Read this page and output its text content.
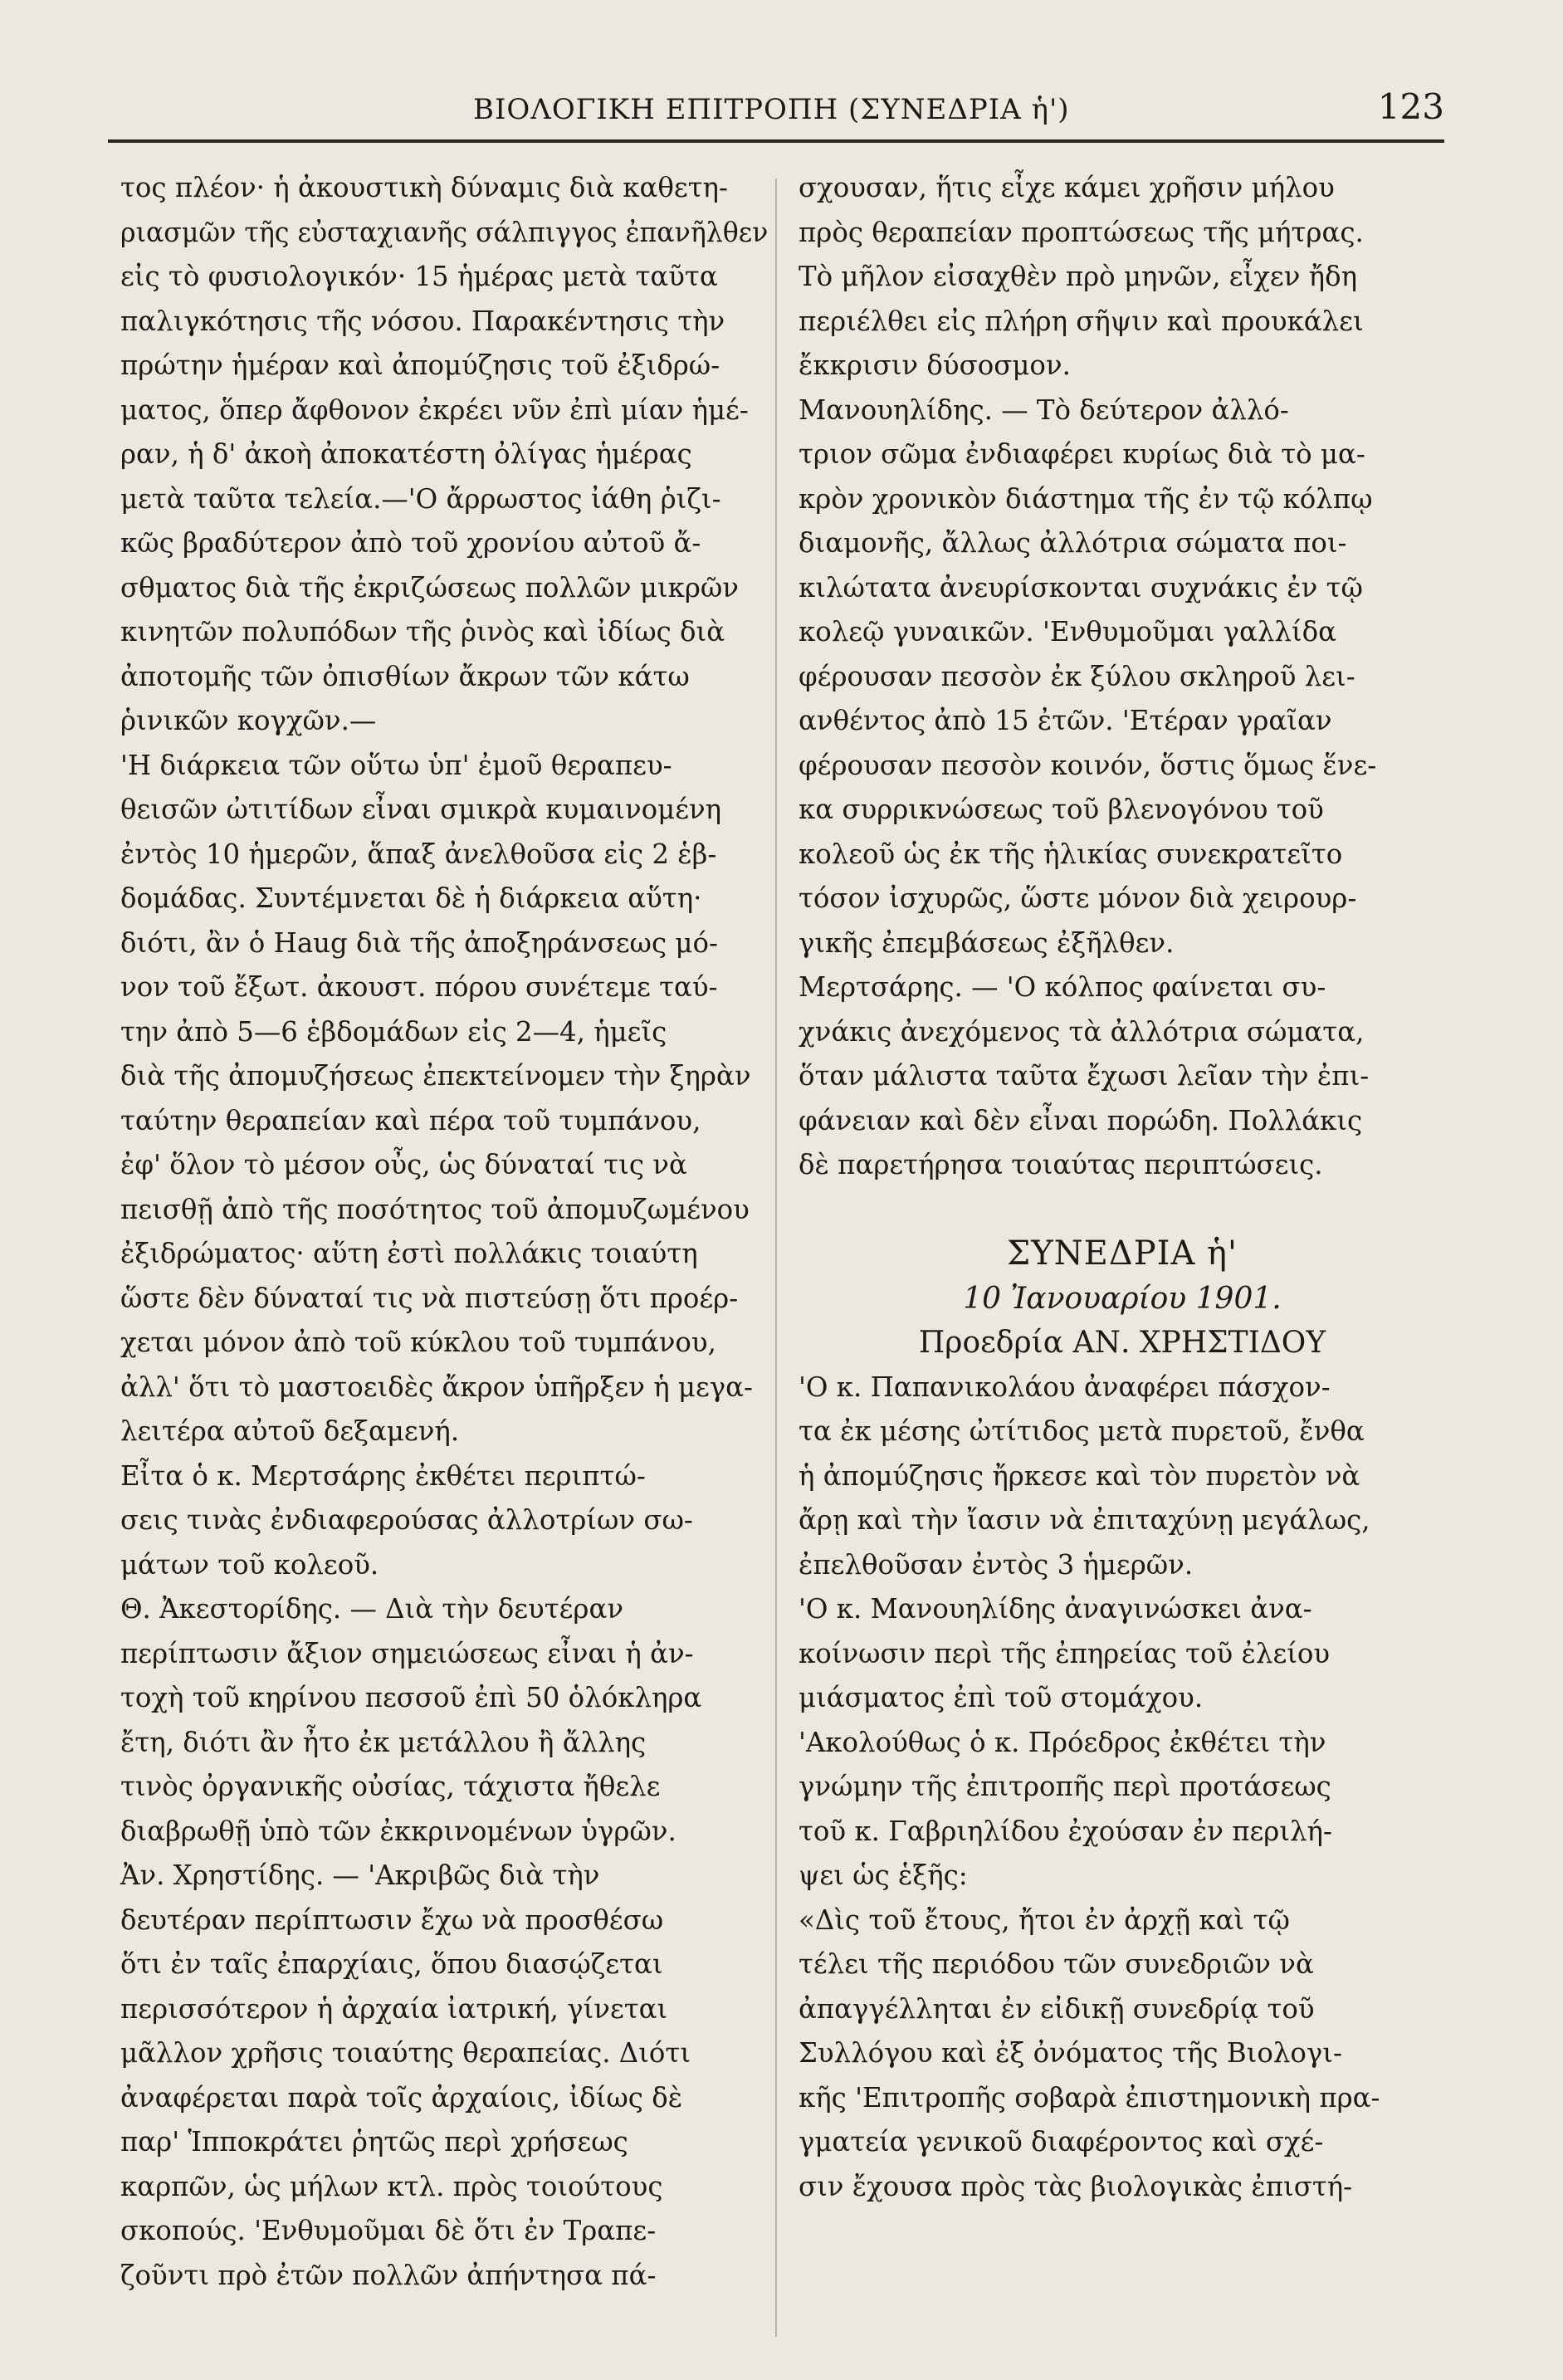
ΒΙΟΛΟΓΙΚΗ ΕΠΙΤΡΟΠΗ (ΣΥΝΕΔΡΙΑ ἡ')	123
τος πλέον· ἡ ἀκουστικὴ δύναμις διὰ καθετη-
ριασμῶν τῆς εὐσταχιανῆς σάλπιγγος ἐπανῆλθεν
εἰς τὸ φυσιολογικόν· 15 ἡμέρας μετὰ ταῦτα
παλιγκότησις τῆς νόσου. Παρακέντησις τὴν
πρώτην ἡμέραν καὶ ἀπομύζησις τοῦ ἐξιδρώ-
ματος, ὅπερ ἄφθονον ἐκρέει νῦν ἐπὶ μίαν ἡμέ-
ραν, ἡ δ' ἀκοὴ ἀποκατέστη ὀλίγας ἡμέρας
μετὰ ταῦτα τελεία.—'Ο ἄρρωστος ἰάθη ῥιζι-
κῶς βραδύτερον ἀπὸ τοῦ χρονίου αὐτοῦ ἄ-
σθματος διὰ τῆς ἐκριζώσεως πολλῶν μικρῶν
κινητῶν πολυπόδων τῆς ῥινὸς καὶ ἰδίως διὰ
ἀποτομῆς τῶν ὀπισθίων ἄκρων τῶν κάτω
ῥινικῶν κογχῶν.—
'Η διάρκεια τῶν οὕτω ὑπ' ἐμοῦ θεραπευ-
θεισῶν ὠτιτίδων εἶναι σμικρὰ κυμαινομένη
ἐντὸς 10 ἡμερῶν, ἅπαξ ἀνελθοῦσα εἰς 2 ἑβ-
δομάδας. Συντέμνεται δὲ ἡ διάρκεια αὕτη·
διότι, ἂν ὁ Haug διὰ τῆς ἀποξηράνσεως μό-
νον τοῦ ἔξωτ. ἀκουστ. πόρου συνέτεμε ταύ-
την ἀπὸ 5—6 ἑβδομάδων εἰς 2—4, ἡμεῖς
διὰ τῆς ἀπομυζήσεως ἐπεκτείνομεν τὴν ξηρὰν
ταύτην θεραπείαν καὶ πέρα τοῦ τυμπάνου,
ἐφ' ὅλον τὸ μέσον οὖς, ὡς δύναταί τις νὰ
πεισθῇ ἀπὸ τῆς ποσότητος τοῦ ἀπομυζωμένου
ἐξιδρώματος· αὕτη ἐστὶ πολλάκις τοιαύτη
ὥστε δὲν δύναταί τις νὰ πιστεύσῃ ὅτι προέρ-
χεται μόνον ἀπὸ τοῦ κύκλου τοῦ τυμπάνου,
ἀλλ' ὅτι τὸ μαστοειδὲς ἄκρον ὑπῆρξεν ἡ μεγα-
λειτέρα αὐτοῦ δεξαμενή.
Εἶτα ὁ κ. Μερτσάρης ἐκθέτει περιπτώ-
σεις τινὰς ἐνδιαφερούσας ἀλλοτρίων σω-
μάτων τοῦ κολεοῦ.
Θ. Ἀκεστορίδης. — Διὰ τὴν δευτέραν
περίπτωσιν ἄξιον σημειώσεως εἶναι ἡ ἀν-
τοχὴ τοῦ κηρίνου πεσσοῦ ἐπὶ 50 ὁλόκληρα
ἔτη, διότι ἂν ἦτο ἐκ μετάλλου ἢ ἄλλης
τινὸς ὀργανικῆς οὐσίας, τάχιστα ἤθελε
διαβρωθῇ ὑπὸ τῶν ἐκκρινομένων ὑγρῶν.
Ἀν. Χρηστίδης. — 'Ακριβῶς διὰ τὴν
δευτέραν περίπτωσιν ἔχω νὰ προσθέσω
ὅτι ἐν ταῖς ἐπαρχίαις, ὅπου διασῴζεται
περισσότερον ἡ ἀρχαία ἰατρική, γίνεται
μᾶλλον χρῆσις τοιαύτης θεραπείας. Διότι
ἀναφέρεται παρὰ τοῖς ἀρχαίοις, ἰδίως δὲ
παρ' Ἱπποκράτει ῥητῶς περὶ χρήσεως
καρπῶν, ὡς μήλων κτλ. πρὸς τοιούτους
σκοπούς. 'Ενθυμοῦμαι δὲ ὅτι ἐν Τραπε-
ζοῦντι πρὸ ἐτῶν πολλῶν ἀπήντησα πά-
σχουσαν, ἥτις εἶχε κάμει χρῆσιν μήλου
πρὸς θεραπείαν προπτώσεως τῆς μήτρας.
Τὸ μῆλον εἰσαχθὲν πρὸ μηνῶν, εἶχεν ἤδη
περιέλθει εἰς πλήρη σῆψιν καὶ προυκάλει
ἔκκρισιν δύσοσμον.
Μανουηλίδης. — Τὸ δεύτερον ἀλλό-
τριον σῶμα ἐνδιαφέρει κυρίως διὰ τὸ μα-
κρὸν χρονικὸν διάστημα τῆς ἐν τῷ κόλπῳ
διαμονῆς, ἄλλως ἀλλότρια σώματα ποι-
κιλώτατα ἀνευρίσκονται συχνάκις ἐν τῷ
κολεῷ γυναικῶν. 'Ενθυμοῦμαι γαλλίδα
φέρουσαν πεσσὸν ἐκ ξύλου σκληροῦ λει-
ανθέντος ἀπὸ 15 ἐτῶν. 'Ετέραν γραῖαν
φέρουσαν πεσσὸν κοινόν, ὅστις ὅμως ἕνε-
κα συρρικνώσεως τοῦ βλενογόνου τοῦ
κολεοῦ ὡς ἐκ τῆς ἡλικίας συνεκρατεῖτο
τόσον ἰσχυρῶς, ὥστε μόνον διὰ χειρουρ-
γικῆς ἐπεμβάσεως ἐξῆλθεν.
Μερτσάρης. — 'Ο κόλπος φαίνεται συ-
χνάκις ἀνεχόμενος τὰ ἀλλότρια σώματα,
ὅταν μάλιστα ταῦτα ἔχωσι λεῖαν τὴν ἐπι-
φάνειαν καὶ δὲν εἶναι πορώδη. Πολλάκις
δὲ παρετήρησα τοιαύτας περιπτώσεις.
ΣΥΝΕΔΡΙΑ ἡ'
10 Ἰανουαρίου 1901.
Προεδρία ΑΝ. ΧΡΗΣΤΙΔΟΥ
'Ο κ. Παπανικολάου ἀναφέρει πάσχον-
τα ἐκ μέσης ὠτίτιδος μετὰ πυρετοῦ, ἔνθα
ἡ ἀπομύζησις ἤρκεσε καὶ τὸν πυρετὸν νὰ
ἄρῃ καὶ τὴν ἴασιν νὰ ἐπιταχύνῃ μεγάλως,
ἐπελθοῦσαν ἐντὸς 3 ἡμερῶν.
'Ο κ. Μανουηλίδης ἀναγινώσκει ἀνα-
κοίνωσιν περὶ τῆς ἐπηρείας τοῦ ἐλείου
μιάσματος ἐπὶ τοῦ στομάχου.
'Ακολούθως ὁ κ. Πρόεδρος ἐκθέτει τὴν
γνώμην τῆς ἐπιτροπῆς περὶ προτάσεως
τοῦ κ. Γαβριηλίδου ἐχούσαν ἐν περιλή-
ψει ὡς ἑξῆς:
«Δὶς τοῦ ἔτους, ἤτοι ἐν ἀρχῇ καὶ τῷ
τέλει τῆς περιόδου τῶν συνεδριῶν νὰ
ἀπαγγέλληται ἐν εἰδικῇ συνεδρίᾳ τοῦ
Συλλόγου καὶ ἐξ ὀνόματος τῆς Βιολογι-
κῆς 'Επιτροπῆς σοβαρὰ ἐπιστημονικὴ πρα-
γματεία γενικοῦ διαφέροντος καὶ σχέ-
σιν ἔχουσα πρὸς τὰς βιολογικὰς ἐπιστή-
